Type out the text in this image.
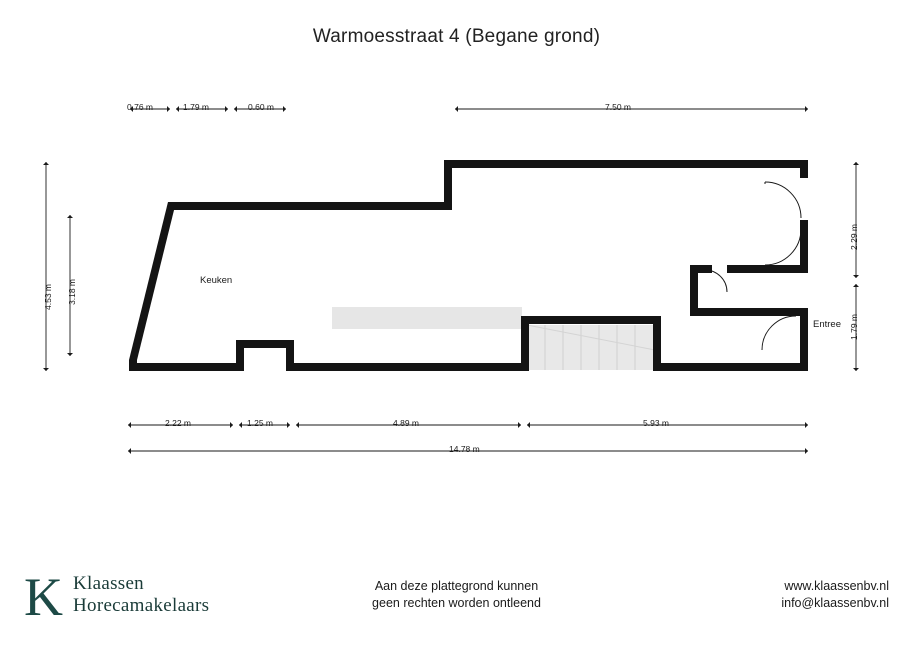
Warmoesstraat 4 (Begane grond)
0.76 m	1.79 m	0.60 m	7.50 m
2.22 m	1.25 m	4.89 m	5.93 m
14.78 m
4.53 m 3.18 m
2.29 m
1.79 m
Keuken
Entree
K Klaassen
Horecamakelaars
Aan deze plattegrond kunnen
geen rechten worden ontleend
www.klaassenbv.nl
info@klaassenbv.nl
